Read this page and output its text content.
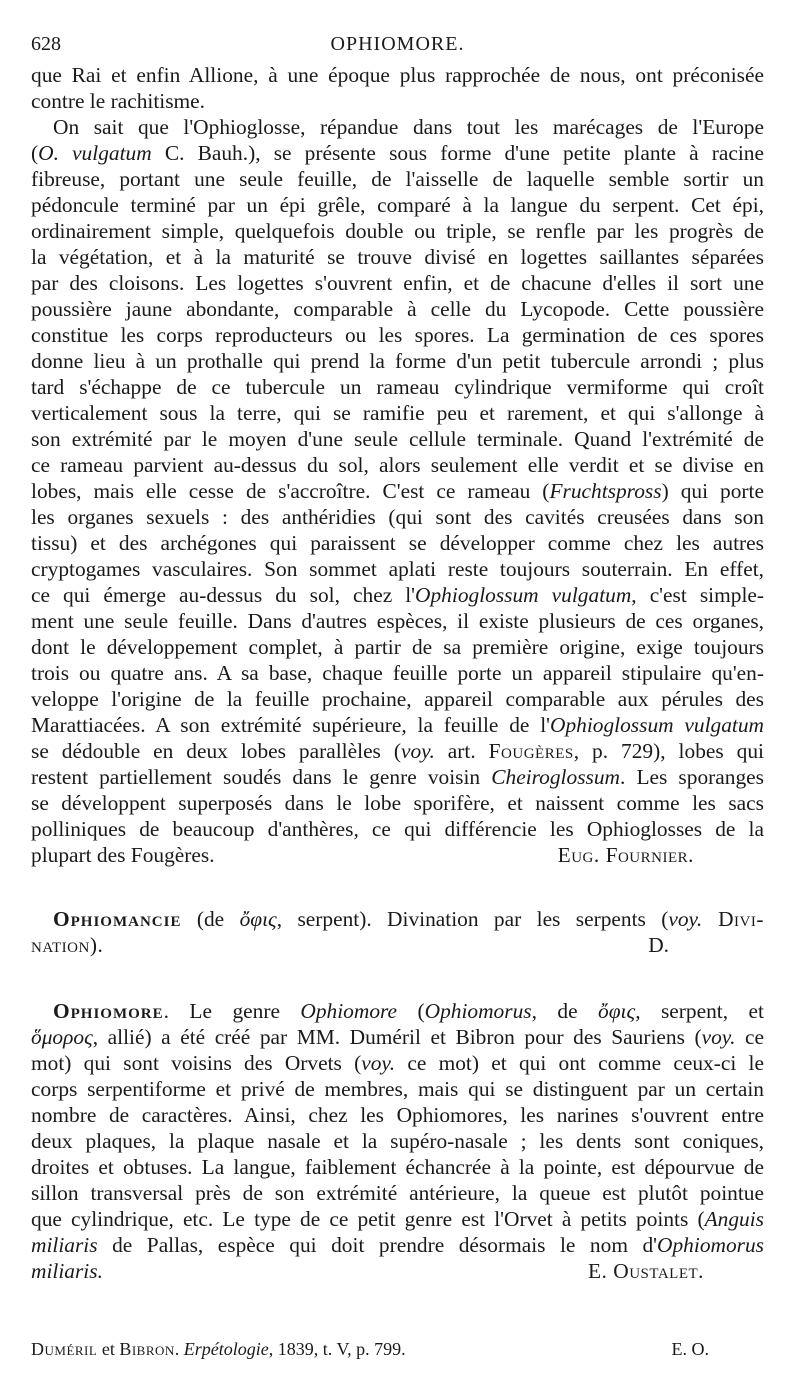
628	OPHIOMORE.

que Rai et enfin Allione, à une époque plus rapprochée de nous, ont préconisée
contre le rachitisme.

On sait que l'Ophioglosse, répandue dans tout les marécages de l'Europe
(O. vulgatum C. Bauh.), se présente sous forme d'une petite plante à racine
fibreuse, portant une seule feuille, de l'aisselle de laquelle semble sortir un
pédoncule terminé par un épi grêle, comparé à la langue du serpent. Cet épi,
ordinairement simple, quelquefois double ou triple, se renfle par les progrès de
la végétation, et à la maturité se trouve divisé en logettes saillantes séparées
par des cloisons. Les logettes s'ouvrent enfin, et de chacune d'elles il sort une
poussière jaune abondante, comparable à celle du Lycopode. Cette poussière
constitue les corps reproducteurs ou les spores. La germination de ces spores
donne lieu à un prothalle qui prend la forme d'un petit tubercule arrondi ; plus
tard s'échappe de ce tubercule un rameau cylindrique vermiforme qui croît
verticalement sous la terre, qui se ramifie peu et rarement, et qui s'allonge à
son extrémité par le moyen d'une seule cellule terminale. Quand l'extrémité de
ce rameau parvient au-dessus du sol, alors seulement elle verdit et se divise en
lobes, mais elle cesse de s'accroître. C'est ce rameau (Fruchtspross) qui porte
les organes sexuels : des anthéridies (qui sont des cavités creusées dans son
tissu) et des archégones qui paraissent se développer comme chez les autres
cryptogames vasculaires. Son sommet aplati reste toujours souterrain. En effet,
ce qui émerge au-dessus du sol, chez l'Ophioglossum vulgatum, c'est simple-
ment une seule feuille. Dans d'autres espèces, il existe plusieurs de ces organes,
dont le développement complet, à partir de sa première origine, exige toujours
trois ou quatre ans. A sa base, chaque feuille porte un appareil stipulaire qu'en-
veloppe l'origine de la feuille prochaine, appareil comparable aux pérules des
Marattiacées. A son extrémité supérieure, la feuille de l'Ophioglossum vulgatum
se dédouble en deux lobes parallèles (voy. art. Fougères, p. 729), lobes qui
restent partiellement soudés dans le genre voisin Cheiroglossum. Les sporanges
se développent superposés dans le lobe sporifère, et naissent comme les sacs
polliniques de beaucoup d'anthères, ce qui différencie les Ophioglosses de la
plupart des Fougères.	Eug. Fournier.

Ophiomancie (de ὄφις, serpent). Divination par les serpents (voy. Divi-
nation).	D.

Ophiomore. Le genre Ophiomore (Ophiomorus, de ὄφις, serpent, et
ὅμορος, allié) a été créé par MM. Duméril et Bibron pour des Sauriens (voy. ce
mot) qui sont voisins des Orvets (voy. ce mot) et qui ont comme ceux-ci le
corps serpentiforme et privé de membres, mais qui se distinguent par un certain
nombre de caractères. Ainsi, chez les Ophiomores, les narines s'ouvrent entre
deux plaques, la plaque nasale et la supéro-nasale ; les dents sont coniques,
droites et obtuses. La langue, faiblement échancrée à la pointe, est dépourvue de
sillon transversal près de son extrémité antérieure, la queue est plutôt pointue
que cylindrique, etc. Le type de ce petit genre est l'Orvet à petits points (Anguis
miliaris de Pallas, espèce qui doit prendre désormais le nom d'Ophiomorus
miliaris.	E. Oustalet.

Duméril et Bibron. Erpétologie, 1839, t. V, p. 799.	E. O.
